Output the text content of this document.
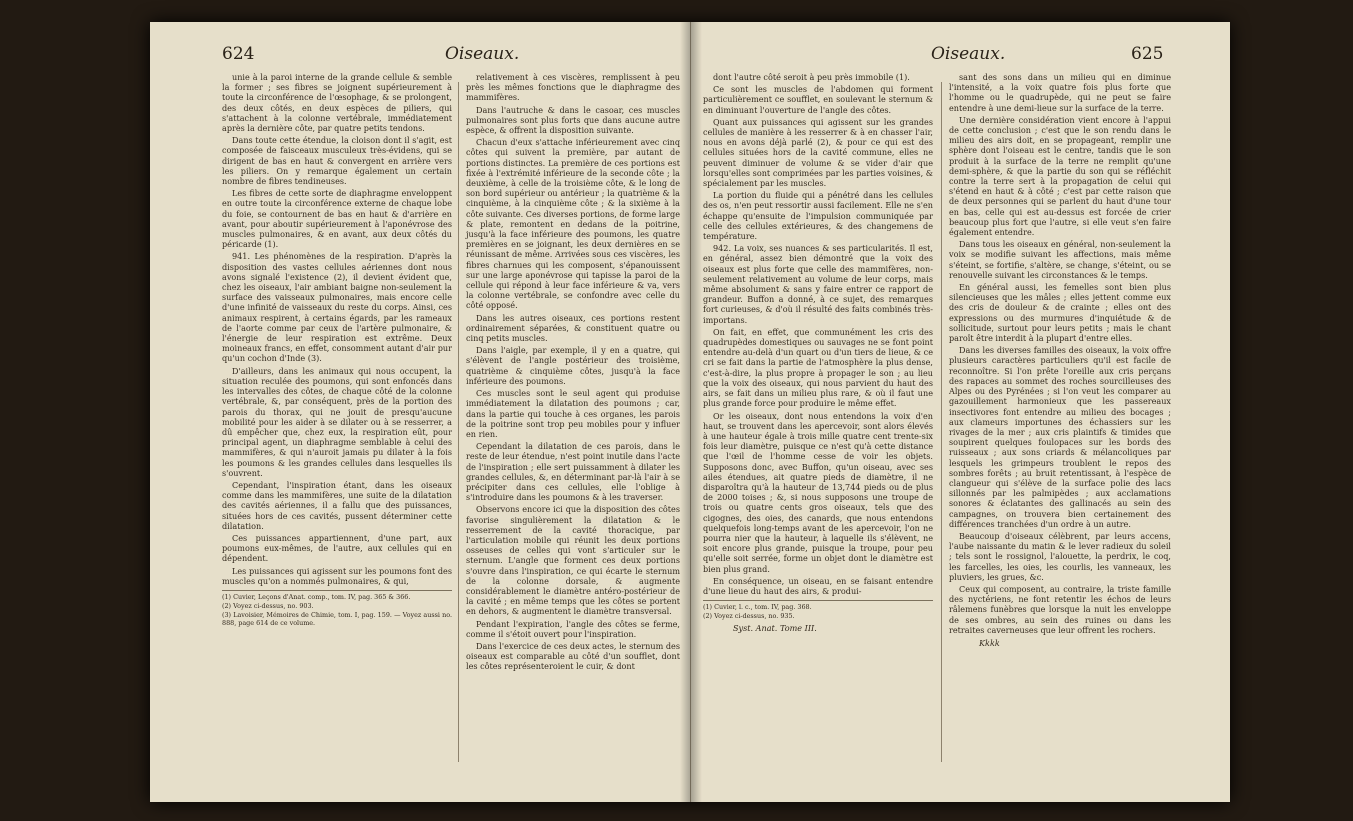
624	Oiseaux.

unie à la paroi interne de la grande cellule & semble la former ; ses fibres se joignent supérieurement à toute la circonférence de l'œsophage, & se prolongent, des deux côtés, en deux espèces de piliers, qui s'attachent à la colonne vertébrale, immédiatement après la dernière côte, par quatre petits tendons.

Dans toute cette étendue, la cloison dont il s'agit, est composée de faisceaux musculeux très-évidens, qui se dirigent de bas en haut & convergent en arrière vers les piliers. On y remarque également un certain nombre de fibres tendineuses.

Les fibres de cette sorte de diaphragme enveloppent en outre toute la circonférence externe de chaque lobe du foie, se contournent de bas en haut & d'arrière en avant, pour aboutir supérieurement à l'aponévrose des muscles pulmonaires, & en avant, aux deux côtés du péricarde (1).

941. Les phénomènes de la respiration. D'après la disposition des vastes cellules aériennes dont nous avons signalé l'existence (2), il devient évident que, chez les oiseaux, l'air ambiant baigne non-seulement la surface des vaisseaux pulmonaires, mais encore celle d'une infinité de vaisseaux du reste du corps. Ainsi, ces animaux respirent, à certains égards, par les rameaux de l'aorte comme par ceux de l'artère pulmonaire, & l'énergie de leur respiration est extrême. Deux moineaux francs, en effet, consomment autant d'air pur qu'un cochon d'Inde (3).

D'ailleurs, dans les animaux qui nous occupent, la situation reculée des poumons, qui sont enfoncés dans les intervalles des côtes, de chaque côté de la colonne vertébrale, &, par conséquent, près de la portion des parois du thorax, qui ne jouit de presqu'aucune mobilité pour les aider à se dilater ou à se resserrer, a dû empêcher que, chez eux, la respiration eût, pour principal agent, un diaphragme semblable à celui des mammifères, & qui n'auroit jamais pu dilater à la fois les poumons & les grandes cellules dans lesquelles ils s'ouvrent.

Cependant, l'inspiration étant, dans les oiseaux comme dans les mammifères, une suite de la dilatation des cavités aériennes, il a fallu que des puissances, situées hors de ces cavités, pussent déterminer cette dilatation.

Ces puissances appartiennent, d'une part, aux poumons eux-mêmes, de l'autre, aux cellules qui en dépendent.

Les puissances qui agissent sur les poumons font des muscles qu'on a nommés pulmonaires, & qui,

(1) Cuvier, Leçons d'Anat. comp., tom. IV, pag. 365 & 366.
(2) Voyez ci-dessus, no. 903.
(3) Lavoisier, Mémoires de Chimie, tom. I, pag. 159. — Voyez aussi no. 888, page 614 de ce volume.

relativement à ces viscères, remplissent à peu près les mêmes fonctions que le diaphragme des mammifères.

Dans l'autruche & dans le casoar, ces muscles pulmonaires sont plus forts que dans aucune autre espèce, & offrent la disposition suivante.

Chacun d'eux s'attache inférieurement avec cinq côtes qui suivent la première, par autant de portions distinctes. La première de ces portions est fixée à l'extrémité inférieure de la seconde côte ; la deuxième, à celle de la troisième côte, & le long de son bord supérieur ou antérieur ; la quatrième & la cinquième, à la cinquième côte ; & la sixième à la côte suivante. Ces diverses portions, de forme large & plate, remontent en dedans de la poitrine, jusqu'à la face inférieure des poumons, les quatre premières en se joignant, les deux dernières en se réunissant de même. Arrivées sous ces viscères, les fibres charnues qui les composent, s'épanouissent sur une large aponévrose qui tapisse la paroi de la cellule qui répond à leur face inférieure & va, vers la colonne vertébrale, se confondre avec celle du côté opposé.

Dans les autres oiseaux, ces portions restent ordinairement séparées, & constituent quatre ou cinq petits muscles.

Dans l'aigle, par exemple, il y en a quatre, qui s'élèvent de l'angle postérieur des troisième, quatrième & cinquième côtes, jusqu'à la face inférieure des poumons.

Ces muscles sont le seul agent qui produise immédiatement la dilatation des poumons ; car, dans la partie qui touche à ces organes, les parois de la poitrine sont trop peu mobiles pour y influer en rien.

Cependant la dilatation de ces parois, dans le reste de leur étendue, n'est point inutile dans l'acte de l'inspiration ; elle sert puissamment à dilater les grandes cellules, &, en déterminant par-là l'air à se précipiter dans ces cellules, elle l'oblige à s'introduire dans les poumons & à les traverser.

Observons encore ici que la disposition des côtes favorise singulièrement la dilatation & le resserrement de la cavité thoracique, par l'articulation mobile qui réunit les deux portions osseuses de celles qui vont s'articuler sur le sternum. L'angle que forment ces deux portions s'ouvre dans l'inspiration, ce qui écarte le sternum de la colonne dorsale, & augmente considérablement le diamètre antéro-postérieur de la cavité ; en même temps que les côtes se portent en dehors, & augmentent le diamètre transversal.

Pendant l'expiration, l'angle des côtes se ferme, comme il s'étoit ouvert pour l'inspiration.

Dans l'exercice de ces deux actes, le sternum des oiseaux est comparable au côté d'un soufflet, dont les côtes représenteroient le cuir, & dont

Oiseaux.	625

dont l'autre côté seroit à peu près immobile (1).

Ce sont les muscles de l'abdomen qui forment particulièrement ce soufflet, en soulevant le sternum & en diminuant l'ouverture de l'angle des côtes.

Quant aux puissances qui agissent sur les grandes cellules de manière à les resserrer & à en chasser l'air, nous en avons déjà parlé (2), & pour ce qui est des cellules situées hors de la cavité commune, elles ne peuvent diminuer de volume & se vider d'air que lorsqu'elles sont comprimées par les parties voisines, & spécialement par les muscles.

La portion du fluide qui a pénétré dans les cellules des os, n'en peut ressortir aussi facilement. Elle ne s'en échappe qu'ensuite de l'impulsion communiquée par celle des cellules extérieures, & des changemens de température.

942. La voix, ses nuances & ses particularités. Il est, en général, assez bien démontré que la voix des oiseaux est plus forte que celle des mammifères, non-seulement relativement au volume de leur corps, mais même absolument & sans y faire entrer ce rapport de grandeur. Buffon a donné, à ce sujet, des remarques fort curieuses, & d'où il résulté des faits combinés très-importans.

On fait, en effet, que communément les cris des quadrupèdes domestiques ou sauvages ne se font point entendre au-delà d'un quart ou d'un tiers de lieue, & ce cri se fait dans la partie de l'atmosphère la plus dense, c'est-à-dire, la plus propre à propager le son ; au lieu que la voix des oiseaux, qui nous parvient du haut des airs, se fait dans un milieu plus rare, & où il faut une plus grande force pour produire le même effet.

Or les oiseaux, dont nous entendons la voix d'en haut, se trouvent dans les apercevoir, sont alors élevés à une hauteur égale à trois mille quatre cent trente-six fois leur diamètre, puisque ce n'est qu'à cette distance que l'œil de l'homme cesse de voir les objets. Supposons donc, avec Buffon, qu'un oiseau, avec ses ailes étendues, ait quatre pieds de diamètre, il ne disparoîtra qu'à la hauteur de 13,744 pieds ou de plus de 2000 toises ; &, si nous supposons une troupe de trois ou quatre cents gros oiseaux, tels que des cigognes, des oies, des canards, que nous entendons quelquefois long-temps avant de les apercevoir, l'on ne pourra nier que la hauteur, à laquelle ils s'élèvent, ne soit encore plus grande, puisque la troupe, pour peu qu'elle soit serrée, forme un objet dont le diamètre est bien plus grand.

En conséquence, un oiseau, en se faisant entendre d'une lieue du haut des airs, & produi-

(1) Cuvier, l. c., tom. IV, pag. 368.
(2) Voyez ci-dessus, no. 935.
Syst. Anat. Tome III.

sant des sons dans un milieu qui en diminue l'intensité, a la voix quatre fois plus forte que l'homme ou le quadrupède, qui ne peut se faire entendre à une demi-lieue sur la surface de la terre.

Une dernière considération vient encore à l'appui de cette conclusion ; c'est que le son rendu dans le milieu des airs doit, en se propageant, remplir une sphère dont l'oiseau est le centre, tandis que le son produit à la surface de la terre ne remplit qu'une demi-sphère, & que la partie du son qui se réfléchit contre la terre sert à la propagation de celui qui s'étend en haut & à côté ; c'est par cette raison que de deux personnes qui se parlent du haut d'une tour en bas, celle qui est au-dessus est forcée de crier beaucoup plus fort que l'autre, si elle veut s'en faire également entendre.

Dans tous les oiseaux en général, non-seulement la voix se modifie suivant les affections, mais même s'éteint, se fortifie, s'altère, se change, s'éteint, ou se renouvelle suivant les circonstances & le temps.

En général aussi, les femelles sont bien plus silencieuses que les mâles ; elles jettent comme eux des cris de douleur & de crainte ; elles ont des expressions ou des murmures d'inquiétude & de sollicitude, surtout pour leurs petits ; mais le chant paroît être interdit à la plupart d'entre elles.

Dans les diverses familles des oiseaux, la voix offre plusieurs caractères particuliers qu'il est facile de reconnoître. Si l'on prête l'oreille aux cris perçans des rapaces au sommet des roches sourcilleuses des Alpes ou des Pyrénées ; si l'on veut les comparer au gazouillement harmonieux que les passereaux insectivores font entendre au milieu des bocages ; aux clameurs importunes des échassiers sur les rivages de la mer ; aux cris plaintifs & timides que soupirent quelques foulopaces sur les bords des ruisseaux ; aux sons criards & mélancoliques par lesquels les grimpeurs troublent le repos des sombres forêts ; au bruit retentissant, à l'espèce de clangueur qui s'élève de la surface polie des lacs sillonnés par les palmipèdes ; aux acclamations sonores & éclatantes des gallinacés au sein des campagnes, on trouvera bien certainement des différences tranchées d'un ordre à un autre.

Beaucoup d'oiseaux célèbrent, par leurs accens, l'aube naissante du matin & le lever radieux du soleil ; tels sont le rossignol, l'alouette, la perdrix, le coq, les farcelles, les oies, les courlis, les vanneaux, les pluviers, les grues, &c.

Ceux qui composent, au contraire, la triste famille des nyctériens, ne font retentir les échos de leurs râlemens funèbres que lorsque la nuit les enveloppe de ses ombres, au sein des ruines ou dans les retraites caverneuses que leur offrent les rochers.

Kkkk
